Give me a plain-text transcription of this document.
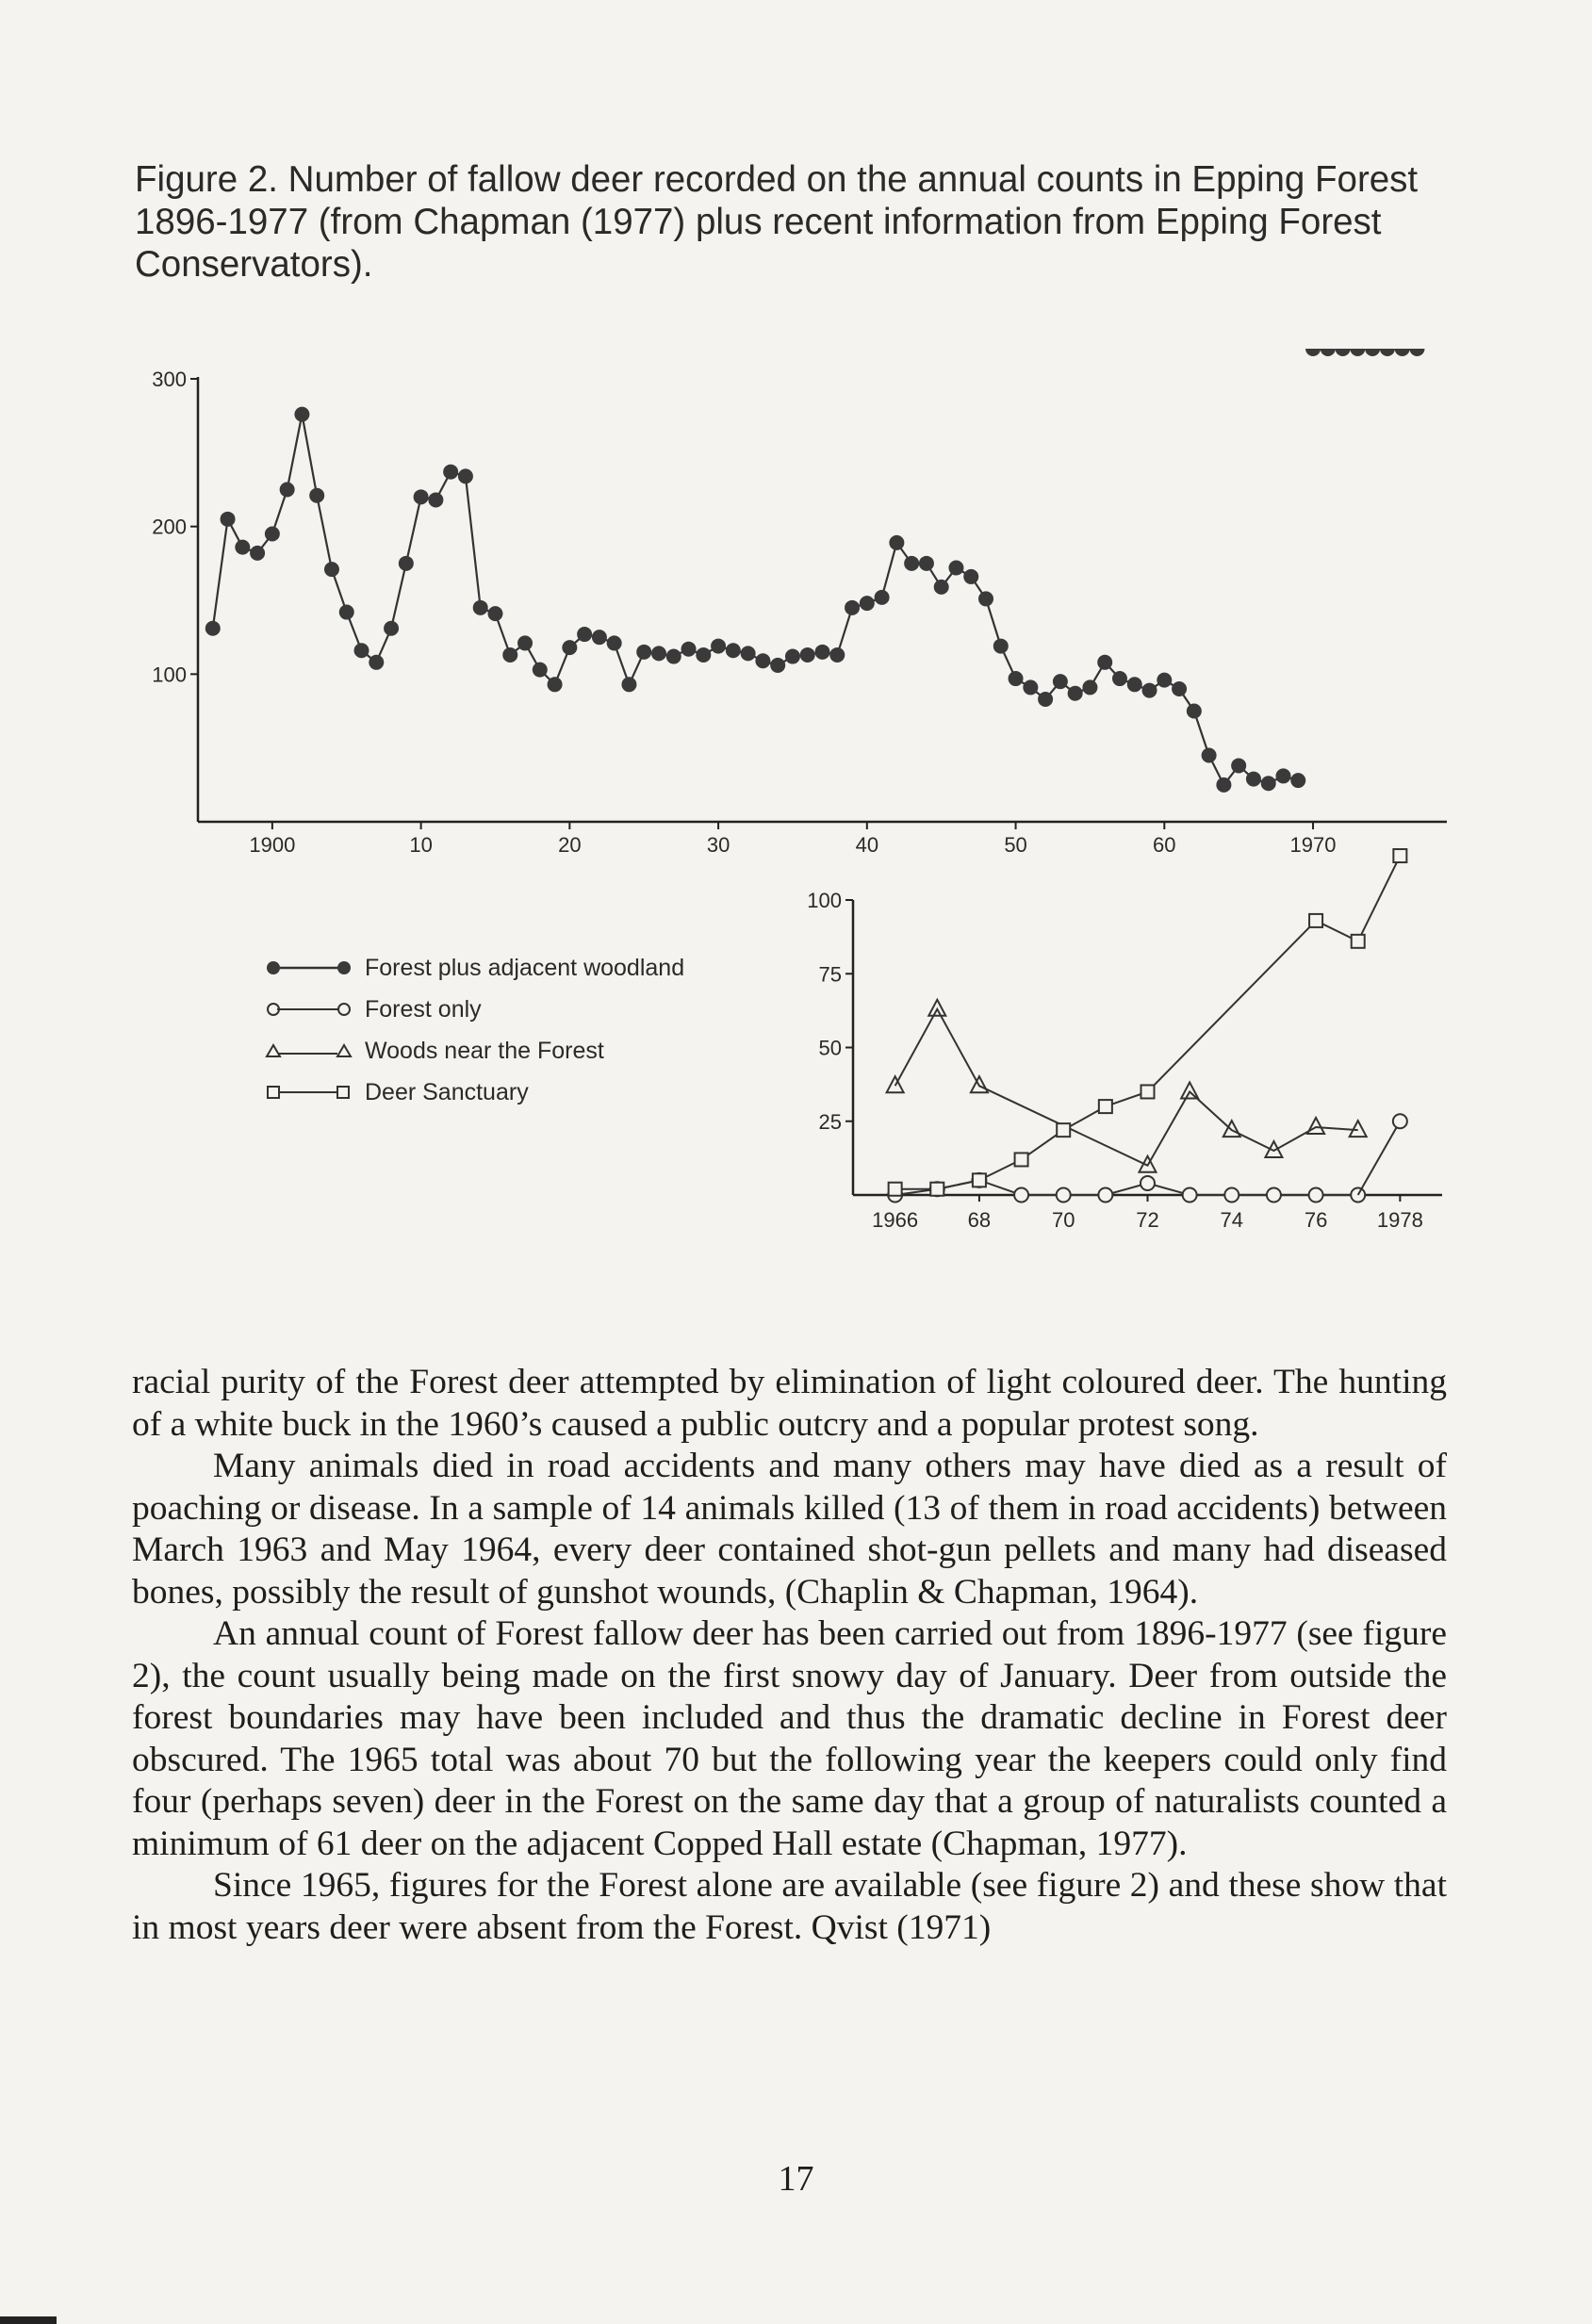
Figure 2. Number of fallow deer recorded on the annual counts in Epping Forest 1896-1977 (from Chapman (1977) plus recent information from Epping Forest Conservators).
100
200
300
1900	10	20	30	40	50	60	1970
25
50
75
100
1966 68	70	72	74	76 1978
Forest plus adjacent woodland
Forest only
Woods near the Forest
Deer Sanctuary

racial purity of the Forest deer attempted by elimination of light coloured deer. The hunting of a white buck in the 1960’s caused a public outcry and a popular protest song.

Many animals died in road accidents and many others may have died as a result of poaching or disease. In a sample of 14 animals killed (13 of them in road accidents) between March 1963 and May 1964, every deer contained shot-gun pellets and many had diseased bones, possibly the result of gunshot wounds, (Chaplin & Chapman, 1964).

An annual count of Forest fallow deer has been carried out from 1896-1977 (see figure 2), the count usually being made on the first snowy day of January. Deer from outside the forest boundaries may have been included and thus the dramatic decline in Forest deer obscured. The 1965 total was about 70 but the following year the keepers could only find four (perhaps seven) deer in the Forest on the same day that a group of naturalists counted a minimum of 61 deer on the adjacent Copped Hall estate (Chapman, 1977).

Since 1965, figures for the Forest alone are available (see figure 2) and these show that in most years deer were absent from the Forest. Qvist (1971)

17
